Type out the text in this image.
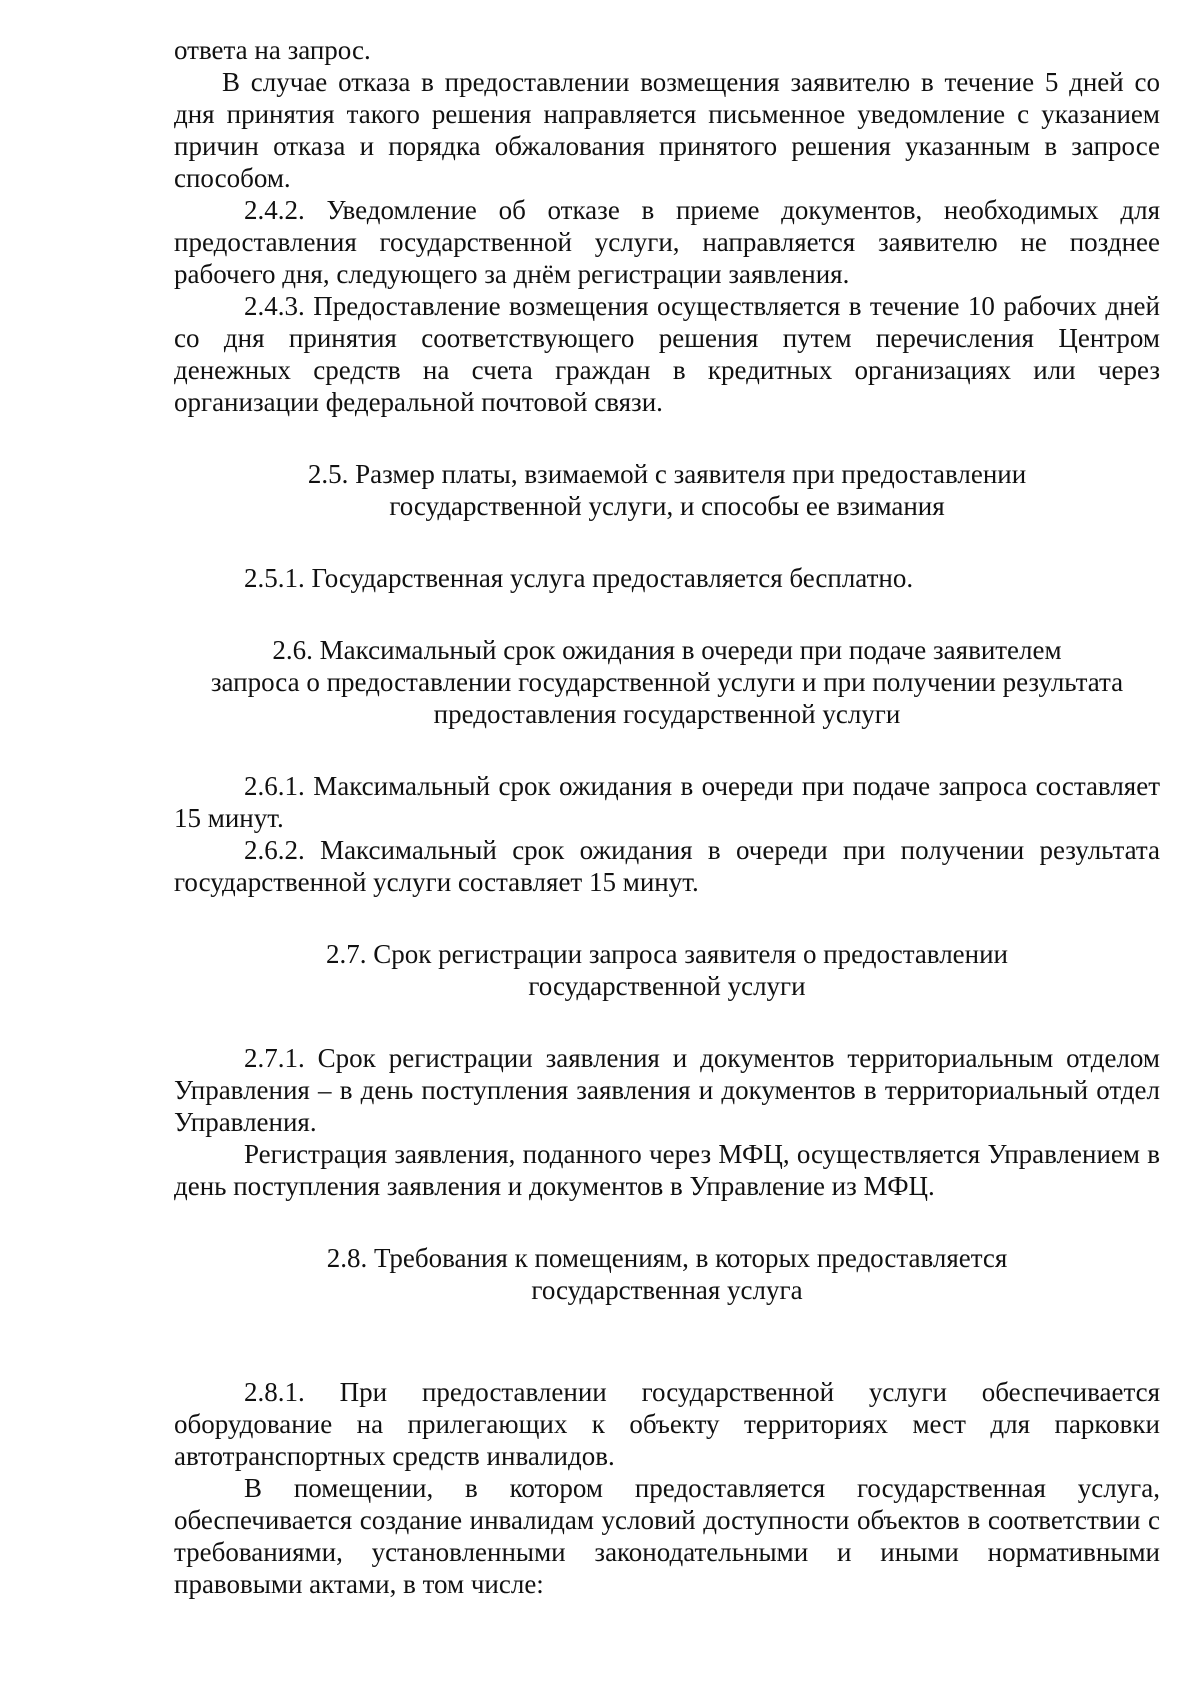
ответа на запрос.

В случае отказа в предоставлении возмещения заявителю в течение 5 дней со дня принятия такого решения направляется письменное уведомление с указанием причин отказа и порядка обжалования принятого решения указанным в запросе способом.

2.4.2. Уведомление об отказе в приеме документов, необходимых для предоставления государственной услуги, направляется заявителю не позднее рабочего дня, следующего за днём регистрации заявления.

2.4.3. Предоставление возмещения осуществляется в течение 10 рабочих дней со дня принятия соответствующего решения путем перечисления Центром денежных средств на счета граждан в кредитных организациях или через организации федеральной почтовой связи.

2.5. Размер платы, взимаемой с заявителя при предоставлении
государственной услуги, и способы ее взимания

2.5.1. Государственная услуга предоставляется бесплатно.

2.6. Максимальный срок ожидания в очереди при подаче заявителем
запроса о предоставлении государственной услуги и при получении результата
предоставления государственной услуги

2.6.1. Максимальный срок ожидания в очереди при подаче запроса составляет 15 минут.

2.6.2. Максимальный срок ожидания в очереди при получении результата государственной услуги составляет 15 минут.

2.7. Срок регистрации запроса заявителя о предоставлении
государственной услуги

2.7.1. Срок регистрации заявления и документов территориальным отделом Управления – в день поступления заявления и документов в территориальный отдел Управления.

Регистрация заявления, поданного через МФЦ, осуществляется Управлением в день поступления заявления и документов в Управление из МФЦ.

2.8. Требования к помещениям, в которых предоставляется
государственная услуга

2.8.1. При предоставлении государственной услуги обеспечивается оборудование на прилегающих к объекту территориях мест для парковки автотранспортных средств инвалидов.

В помещении, в котором предоставляется государственная услуга, обеспечивается создание инвалидам условий доступности объектов в соответствии с требованиями, установленными законодательными и иными нормативными правовыми актами, в том числе:
